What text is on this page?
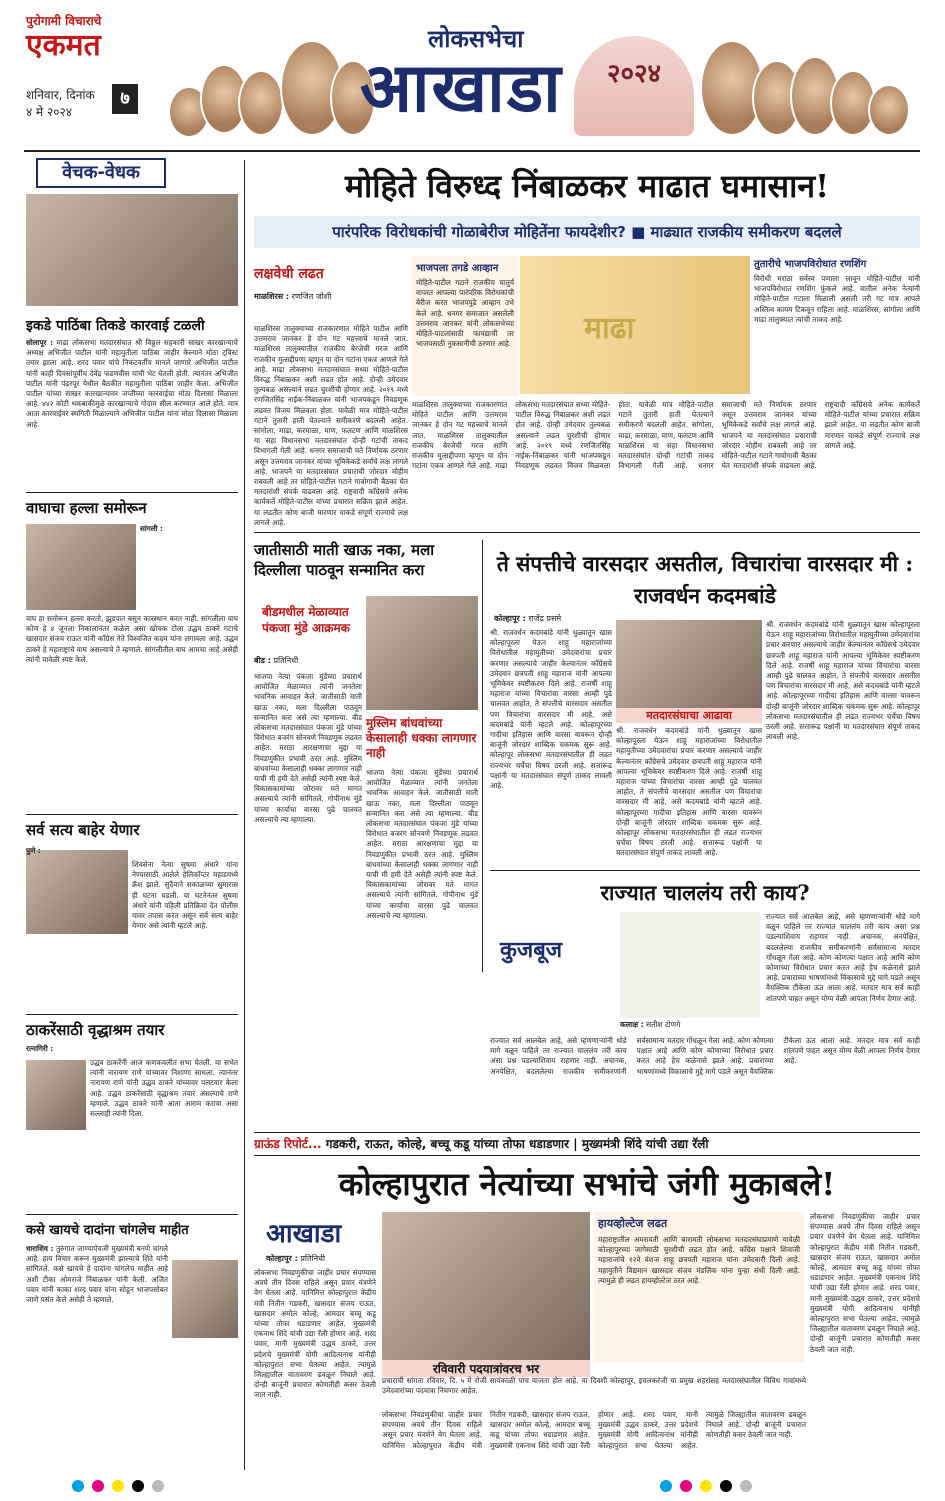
पुरोगामी विचाराचे
एकमत
शनिवार, दिनांक
४ मे २०२४
७
लोकसभेचा
आखाडा	२०२४
वेचक-वेधक
इकडे पाठिंबा तिकडे कारवाई टळली
सोलापूर : माढा लोकसभा मतदारसंघात श्री विठ्ठल सहकारी साखर कारखान्याचे अध्यक्ष अभिजीत पाटील यांनी महायुतीला पाठिंबा जाहीर केल्याने मोठा ट्विस्ट तयार झाला आहे. शरद पवार यांचे निकटवर्तीय मानले जाणारे अभिजीत पाटील यांनी काही दिवसांपूर्वीच देवेंद्र फडणवीस यांची भेट घेतली होती. त्यानंतर अभिजीत पाटील यांनी पंढरपूर येथील बैठकीत महायुतीला पाठिंबा जाहीर केला. अभिजीत पाटील यांच्या साखर कारखान्यावर जप्तीच्या कारवाईचा मोठा दिलासा मिळाला आहे. ४४२ कोटी थकबाकीमुळे कारखान्याचे गोदाम सील करण्यात आले होते. मात्र आता कारवाईवर स्थगिती मिळाल्याने अभिजीत पाटील यांना मोठा दिलासा मिळाला आहे.
वाघाचा हल्ला समोरून
सांगली :
वाघ हा समोरून हल्ला करतो, झुडपात बसून कारस्थान करत नाही. सांगलीला वाघ कोण हे ४ जूनला निकालानंतर कळेल असा खोचक टोला उद्धव ठाकरे गटाचे खासदार संजय राऊत यांनी काँग्रेस नेते विश्वजित कदम यांना लगावला आहे. उद्धव ठाकरे हे महाराष्ट्राचे वाघ असल्याचे ते म्हणाले. सांगलीतील वाघ आमचा आहे असेही त्यांनी यावेळी स्पष्ट केले.
सर्व सत्य बाहेर येणार
पुणे :
शिवसेना नेत्या सुषमा अंधारे यांना नेण्यासाठी आलेले हेलिकॉप्टर महाडमध्ये क्रॅश झाले. सुदैवाने सकाळच्या सुमारास ही घटना घडली. या घटनेनंतर सुषमा अंधारे यांनी पहिली प्रतिक्रिया देत पोलीस यावर तपास करत असून सर्व सत्य बाहेर येणार असे त्यांनी म्हटले आहे.
ठाकरेंसाठी वृद्धाश्रम तयार
रत्नागिरी :
उद्धव ठाकरेंनी आज कणकवलीत सभा घेतली. या सभेत त्यांनी नारायण राणे यांच्यावर निशाणा साधला. त्यानंतर नारायण राणे यांनी उद्धव ठाकरे यांच्यावर पलटवार केला आहे. उद्धव ठाकरेंसाठी वृद्धाश्रम तयार असल्याचे राणे म्हणाले. उद्धव ठाकरे यांनी आता आराम करावा असा सल्लाही त्यांनी दिला.
कसे खायचे दादांना चांगलेच माहीत
धाराशिव : तुरुंगात जाण्याऐवजी मुख्यमंत्री बनणे चांगले आहे. हाय विचार करून मुख्यमंत्री झाल्याचे शिंदे यांनी सांगितले. कसे खायचे हे दादांना चांगलेच माहीत आहे अशी टीका ओमराजे निंबाळकर यांनी केली. अजित पवार यांनी काका शरद पवार यांना सोडून भाजपसोबत जाणे पसंत केले असेही ते म्हणाले.
मोहिते विरुध्द निंबाळकर माढात घमासान!
पारंपरिक विरोधकांची गोळाबेरीज मोहितेंना फायदेशीर? ■ माढ्यात राजकीय समीकरण बदलले
लक्षवेधी लढत
माळशिरस : रणजित जोशी
भाजपला तगडे आव्हान
मोहिते-पाटील गटाने राजकीय चातुर्य वापरत आपल्या पारंपरिक विरोधकांची बेरीज करत भाजपपुढे आव्हान उभे केले आहे. धनगर समाजात असलेली उत्तमराव जानकर यांनी लोकसभेच्या मोहिते-पाटलांसाठी फायद्याची तर भाजपसाठी नुकसानीची ठरणार आहे. माढा
तुतारीचे भाजपविरोधात रणशिंग
विरोधी मराठा सर्वस्व पणाला लावून मोहिते-पाटील यांनी भाजपविरोधात रणशिंग फुंकले आहे. वातील अनेक नेत्यांनी मोहिते-पाटील गटाला मिळाली असली तरी गट मात्र आपले अस्तित्व कायम टिकवून राहिला आहे. माळशिरस, सांगोला आणि माढा तालुक्यात त्यांची ताकद आहे.
माळशिरस तालुक्याच्या राजकारणात मोहिते पाटील आणि उत्तमराव जानकर हे दोन गट महत्त्वाचे मानले जात. माळशिरस तालुक्यातील राजकीय बेरजेची गरज आणि राजकीय मुत्सद्दीपणा म्हणून या दोन गटांना एकत्र आणले गेले आहे. माढा लोकसभा मतदारसंघात सध्या मोहिते-पाटील विरुद्ध निंबाळकर अशी लढत होत आहे. दोन्ही उमेदवार तुल्यबळ असल्याने लढत चुरशीची होणार आहे. २०१९ मध्ये रणजितसिंह नाईक-निंबाळकर यांनी भाजपकडून निवडणूक लढवत विजय मिळवला होता. यावेळी मात्र मोहिते-पाटील गटाने तुतारी हाती घेतल्याने समीकरणे बदलली आहेत. सांगोला, माढा, करमाळा, माण, फलटण आणि माळशिरस या सहा विधानसभा मतदारसंघांत दोन्ही गटांची ताकद विभागली गेली आहे. धनगर समाजाची मते निर्णायक ठरणार असून उत्तमराव जानकर यांच्या भूमिकेकडे सर्वांचे लक्ष लागले आहे. भाजपने या मतदारसंघात प्रचाराची जोरदार मोहीम राबवली आहे तर मोहिते-पाटील गटाने गावोगावी बैठका घेत मतदारांशी संपर्क वाढवला आहे. राष्ट्रवादी काँग्रेसचे अनेक कार्यकर्ते मोहिते-पाटील यांच्या प्रचारात सक्रिय झाले आहेत. या लढतीत कोण बाजी मारणार याकडे संपूर्ण राज्याचे लक्ष लागले आहे.
माळशिरस तालुक्याच्या राजकारणात मोहिते पाटील आणि उत्तमराव जानकर हे दोन गट महत्त्वाचे मानले जात. माळशिरस तालुक्यातील राजकीय बेरजेची गरज आणि राजकीय मुत्सद्दीपणा म्हणून या दोन गटांना एकत्र आणले गेले आहे. माढा लोकसभा मतदारसंघात सध्या मोहिते-पाटील विरुद्ध निंबाळकर अशी लढत होत आहे. दोन्ही उमेदवार तुल्यबळ असल्याने लढत चुरशीची होणार आहे. २०१९ मध्ये रणजितसिंह नाईक-निंबाळकर यांनी भाजपकडून निवडणूक लढवत विजय मिळवला होता. यावेळी मात्र मोहिते-पाटील गटाने तुतारी हाती घेतल्याने समीकरणे बदलली आहेत. सांगोला, माढा, करमाळा, माण, फलटण आणि माळशिरस या सहा विधानसभा मतदारसंघांत दोन्ही गटांची ताकद विभागली गेली आहे. धनगर समाजाची मते निर्णायक ठरणार असून उत्तमराव जानकर यांच्या भूमिकेकडे सर्वांचे लक्ष लागले आहे. भाजपने या मतदारसंघात प्रचाराची जोरदार मोहीम राबवली आहे तर मोहिते-पाटील गटाने गावोगावी बैठका घेत मतदारांशी संपर्क वाढवला आहे. राष्ट्रवादी काँग्रेसचे अनेक कार्यकर्ते मोहिते-पाटील यांच्या प्रचारात सक्रिय झाले आहेत. या लढतीत कोण बाजी मारणार याकडे संपूर्ण राज्याचे लक्ष लागले आहे.
जातीसाठी माती खाऊ नका, मला दिल्लीला पाठवून सन्मानित करा
बीडमधील मेळाव्यात पंकजा मुंडे आक्रमक
बीड : प्रतिनिधी
मुस्लिम बांधवांच्या केसालाही धक्का लागणार नाही
भाजपा नेत्या पंकजा मुंडेंच्या प्रचारार्थ आयोजित मेळाव्यात त्यांनी जनतेला भावनिक आवाहन केले. जातीसाठी माती खाऊ नका, मला दिल्लीला पाठवून सन्मानित करा असे त्या म्हणाल्या. बीड लोकसभा मतदारसंघात पंकजा मुंडे यांच्या विरोधात बजरंग सोनवणे निवडणूक लढवत आहेत. मराठा आरक्षणाचा मुद्दा या निवडणुकीत प्रभावी ठरत आहे. मुस्लिम बांधवांच्या केसालाही धक्का लागणार नाही याची मी हमी देते असेही त्यांनी स्पष्ट केले. विकासकामांच्या जोरावर मते मागत असल्याचे त्यांनी सांगितले. गोपीनाथ मुंडे यांच्या कार्याचा वारसा पुढे चालवत असल्याचे त्या म्हणाल्या.
भाजपा नेत्या पंकजा मुंडेंच्या प्रचारार्थ आयोजित मेळाव्यात त्यांनी जनतेला भावनिक आवाहन केले. जातीसाठी माती खाऊ नका, मला दिल्लीला पाठवून सन्मानित करा असे त्या म्हणाल्या. बीड लोकसभा मतदारसंघात पंकजा मुंडे यांच्या विरोधात बजरंग सोनवणे निवडणूक लढवत आहेत. मराठा आरक्षणाचा मुद्दा या निवडणुकीत प्रभावी ठरत आहे. मुस्लिम बांधवांच्या केसालाही धक्का लागणार नाही याची मी हमी देते असेही त्यांनी स्पष्ट केले. विकासकामांच्या जोरावर मते मागत असल्याचे त्यांनी सांगितले. गोपीनाथ मुंडे यांच्या कार्याचा वारसा पुढे चालवत असल्याचे त्या म्हणाल्या.
ते संपत्तीचे वारसदार असतील, विचारांचा वारसदार मी : राजवर्धन कदमबांडे
कोल्हापूर : राजेंद्र प्रसमे
मतदारसंघाचा आढावा
श्री. राजवर्धन कदमबांडे यांनी धुळ्यातून खास कोल्हापूरला येऊन शाहू महाराजांच्या विरोधातील महायुतीच्या उमेदवारांचा प्रचार करणार असल्याचे जाहीर केल्यानंतर काँग्रेसचे उमेदवार छत्रपती शाहू महाराज यांनी आपल्या भूमिकेवर स्पष्टीकरण दिले आहे. राजर्षी शाहू महाराज यांच्या विचारांचा वारसा आम्ही पुढे चालवत आहोत, ते संपत्तीचे वारसदार असतील पण विचारांचा वारसदार मी आहे, असे कदमबांडे यांनी म्हटले आहे. कोल्हापूरच्या गादीचा इतिहास आणि वारसा यावरून दोन्ही बाजूंनी जोरदार शाब्दिक चकमक सुरू आहे. कोल्हापूर लोकसभा मतदारसंघातील ही लढत राज्यभर चर्चेचा विषय ठरली आहे. सत्तारूढ पक्षांनी या मतदारसंघात संपूर्ण ताकद लावली आहे.
श्री. राजवर्धन कदमबांडे यांनी धुळ्यातून खास कोल्हापूरला येऊन शाहू महाराजांच्या विरोधातील महायुतीच्या उमेदवारांचा प्रचार करणार असल्याचे जाहीर केल्यानंतर काँग्रेसचे उमेदवार छत्रपती शाहू महाराज यांनी आपल्या भूमिकेवर स्पष्टीकरण दिले आहे. राजर्षी शाहू महाराज यांच्या विचारांचा वारसा आम्ही पुढे चालवत आहोत, ते संपत्तीचे वारसदार असतील पण विचारांचा वारसदार मी आहे, असे कदमबांडे यांनी म्हटले आहे. कोल्हापूरच्या गादीचा इतिहास आणि वारसा यावरून दोन्ही बाजूंनी जोरदार शाब्दिक चकमक सुरू आहे. कोल्हापूर लोकसभा मतदारसंघातील ही लढत राज्यभर चर्चेचा विषय ठरली आहे. सत्तारूढ पक्षांनी या मतदारसंघात संपूर्ण ताकद लावली आहे.
श्री. राजवर्धन कदमबांडे यांनी धुळ्यातून खास कोल्हापूरला येऊन शाहू महाराजांच्या विरोधातील महायुतीच्या उमेदवारांचा प्रचार करणार असल्याचे जाहीर केल्यानंतर काँग्रेसचे उमेदवार छत्रपती शाहू महाराज यांनी आपल्या भूमिकेवर स्पष्टीकरण दिले आहे. राजर्षी शाहू महाराज यांच्या विचारांचा वारसा आम्ही पुढे चालवत आहोत, ते संपत्तीचे वारसदार असतील पण विचारांचा वारसदार मी आहे, असे कदमबांडे यांनी म्हटले आहे. कोल्हापूरच्या गादीचा इतिहास आणि वारसा यावरून दोन्ही बाजूंनी जोरदार शाब्दिक चकमक सुरू आहे. कोल्हापूर लोकसभा मतदारसंघातील ही लढत राज्यभर चर्चेचा विषय ठरली आहे. सत्तारूढ पक्षांनी या मतदारसंघात संपूर्ण ताकद लावली आहे.
राज्यात चाललंय तरी काय?
कुजबूज
कलाक्ष : सतीश टोणगे
राज्यात सर्व आलबेल आहे, असे म्हणणाऱ्यांनी थोडे मागे वळून पाहिले तर राज्यात चाललंय तरी काय असा प्रश्न पडल्याशिवाय राहणार नाही. अचानक, अनपेक्षित, बदललेल्या राजकीय समीकरणांनी सर्वसामान्य मतदार गोंधळून गेला आहे. कोण कोणत्या पक्षात आहे आणि कोण कोणाच्या विरोधात प्रचार करत आहे हेच कळेनासे झाले आहे. प्रचाराच्या भाषणांमध्ये विकासाचे मुद्दे मागे पडले असून वैयक्तिक टीकेला ऊत आला आहे. मतदार मात्र सर्व काही शांतपणे पाहत असून योग्य वेळी आपला निर्णय देणार आहे.
राज्यात सर्व आलबेल आहे, असे म्हणणाऱ्यांनी थोडे मागे वळून पाहिले तर राज्यात चाललंय तरी काय असा प्रश्न पडल्याशिवाय राहणार नाही. अचानक, अनपेक्षित, बदललेल्या राजकीय समीकरणांनी सर्वसामान्य मतदार गोंधळून गेला आहे. कोण कोणत्या पक्षात आहे आणि कोण कोणाच्या विरोधात प्रचार करत आहे हेच कळेनासे झाले आहे. प्रचाराच्या भाषणांमध्ये विकासाचे मुद्दे मागे पडले असून वैयक्तिक टीकेला ऊत आला आहे. मतदार मात्र सर्व काही शांतपणे पाहत असून योग्य वेळी आपला निर्णय देणार आहे.
ग्राऊंड रिपोर्ट... गडकरी, राऊत, कोल्हे, बच्चू कडू यांच्या तोफा धडाडणार | मुख्यमंत्री शिंदे यांची उद्या रॅली
कोल्हापुरात नेत्यांच्या सभांचे जंगी मुकाबले!
आखाडा
कोल्हापूर : प्रतिनिधी
रविवारी पदयात्रांवरच भर
हायव्होल्टेज लढत
महाराष्ट्रातील अमरावती आणि बारामती लोकसभा मतदारसंघाप्रमाणे यावेळी कोल्हापूरच्या जागेसाठी चुरशीची लढत होत आहे. काँग्रेस पक्षाने शिवाजी महाराजांचे १२वे वंशज शाहू छत्रपती महाराज यांना उमेदवारी दिली आहे. महायुतीने विद्यमान खासदार संजय मंडलिक यांना पुन्हा संधी दिली आहे. त्यामुळे ही लढत हायव्होल्टेज ठरत आहे.
प्रचाराची सांगता रविवार, दि. ५ मे रोजी सायंकाळी पाच वाजता होत आहे. या दिवशी कोल्हापूर, इचलकरंजी या प्रमुख शहरांसह मतदारसंघातील विविध गावांमध्ये उमेदवारांच्या पदयात्रा निघणार आहेत.
लोकसभा निवडणुकीचा जाहीर प्रचार संपण्यास अवघे तीन दिवस राहिले असून प्रचार यंत्रणेने वेग घेतला आहे. यानिमित्त कोल्हापुरात केंद्रीय मंत्री नितीन गडकरी, खासदार संजय राऊत, खासदार अमोल कोल्हे, आमदार बच्चू कडू यांच्या तोफा धडाडणार आहेत. मुख्यमंत्री एकनाथ शिंदे यांची उद्या रॅली होणार आहे. शरद पवार, मानी मुख्यमंत्री उद्धव ठाकरे, उत्तर प्रदेशचे मुख्यमंत्री योगी आदित्यनाथ यांनीही कोल्हापुरात सभा घेतल्या आहेत. त्यामुळे जिल्ह्यातील वातावरण ढवळून निघाले आहे. दोन्ही बाजूंनी प्रचारात कोणतीही कसर ठेवली जात नाही.
लोकसभा निवडणुकीचा जाहीर प्रचार संपण्यास अवघे तीन दिवस राहिले असून प्रचार यंत्रणेने वेग घेतला आहे. यानिमित्त कोल्हापुरात केंद्रीय मंत्री नितीन गडकरी, खासदार संजय राऊत, खासदार अमोल कोल्हे, आमदार बच्चू कडू यांच्या तोफा धडाडणार आहेत. मुख्यमंत्री एकनाथ शिंदे यांची उद्या रॅली होणार आहे. शरद पवार, मानी मुख्यमंत्री उद्धव ठाकरे, उत्तर प्रदेशचे मुख्यमंत्री योगी आदित्यनाथ यांनीही कोल्हापुरात सभा घेतल्या आहेत. त्यामुळे जिल्ह्यातील वातावरण ढवळून निघाले आहे. दोन्ही बाजूंनी प्रचारात कोणतीही कसर ठेवली जात नाही.
लोकसभा निवडणुकीचा जाहीर प्रचार संपण्यास अवघे तीन दिवस राहिले असून प्रचार यंत्रणेने वेग घेतला आहे. यानिमित्त कोल्हापुरात केंद्रीय मंत्री नितीन गडकरी, खासदार संजय राऊत, खासदार अमोल कोल्हे, आमदार बच्चू कडू यांच्या तोफा धडाडणार आहेत. मुख्यमंत्री एकनाथ शिंदे यांची उद्या रॅली होणार आहे. शरद पवार, मानी मुख्यमंत्री उद्धव ठाकरे, उत्तर प्रदेशचे मुख्यमंत्री योगी आदित्यनाथ यांनीही कोल्हापुरात सभा घेतल्या आहेत. त्यामुळे जिल्ह्यातील वातावरण ढवळून निघाले आहे. दोन्ही बाजूंनी प्रचारात कोणतीही कसर ठेवली जात नाही.
